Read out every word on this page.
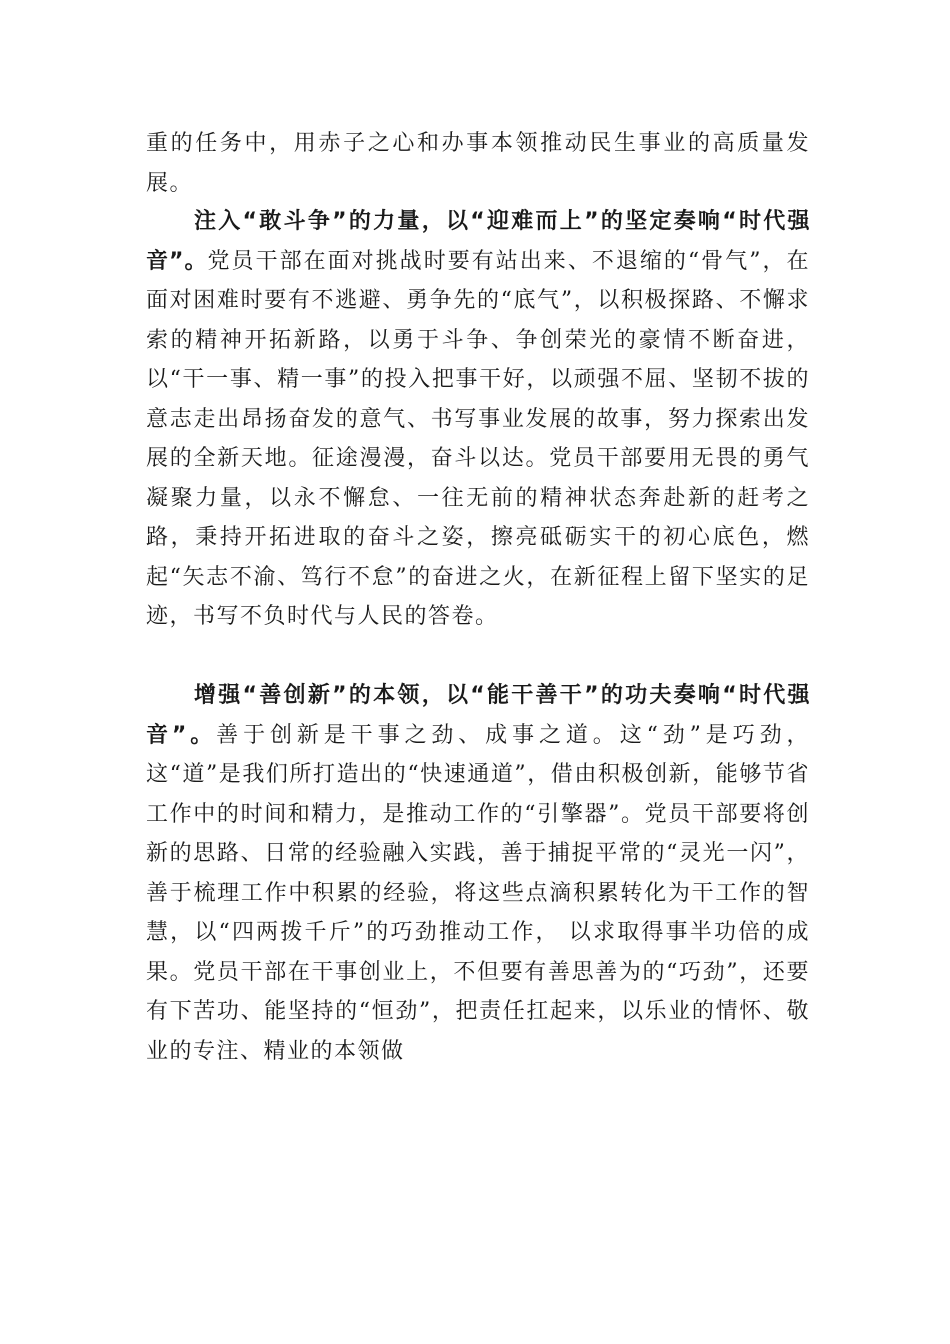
重的任务中，用赤子之心和办事本领推动民生事业的高质量发展。

注入“敢斗争”的力量，以“迎难而上”的坚定奏响“时代强音”。党员干部在面对挑战时要有站出来、不退缩的“骨气”，在面对困难时要有不逃避、勇争先的“底气”，以积极探路、不懈求索的精神开拓新路，以勇于斗争、争创荣光的豪情不断奋进，以“干一事、精一事”的投入把事干好，以顽强不屈、坚韧不拔的意志走出昂扬奋发的意气、书写事业发展的故事，努力探索出发展的全新天地。征途漫漫，奋斗以达。党员干部要用无畏的勇气凝聚力量，以永不懈怠、一往无前的精神状态奔赴新的赶考之路，秉持开拓进取的奋斗之姿，擦亮砥砺实干的初心底色，燃起“矢志不渝、笃行不怠”的奋进之火，在新征程上留下坚实的足迹，书写不负时代与人民的答卷。

增强“善创新”的本领，以“能干善干”的功夫奏响“时代强音”。善于创新是干事之劲、成事之道。这“劲”是巧劲，这“道”是我们所打造出的“快速通道”，借由积极创新，能够节省工作中的时间和精力，是推动工作的“引擎器”。党员干部要将创新的思路、日常的经验融入实践，善于捕捉平常的“灵光一闪”，善于梳理工作中积累的经验，将这些点滴积累转化为干工作的智慧，以“四两拨千斤”的巧劲推动工作， 以求取得事半功倍的成果。党员干部在干事创业上，不但要有善思善为的“巧劲”，还要有下苦功、能坚持的“恒劲”，把责任扛起来，以乐业的情怀、敬业的专注、精业的本领做
